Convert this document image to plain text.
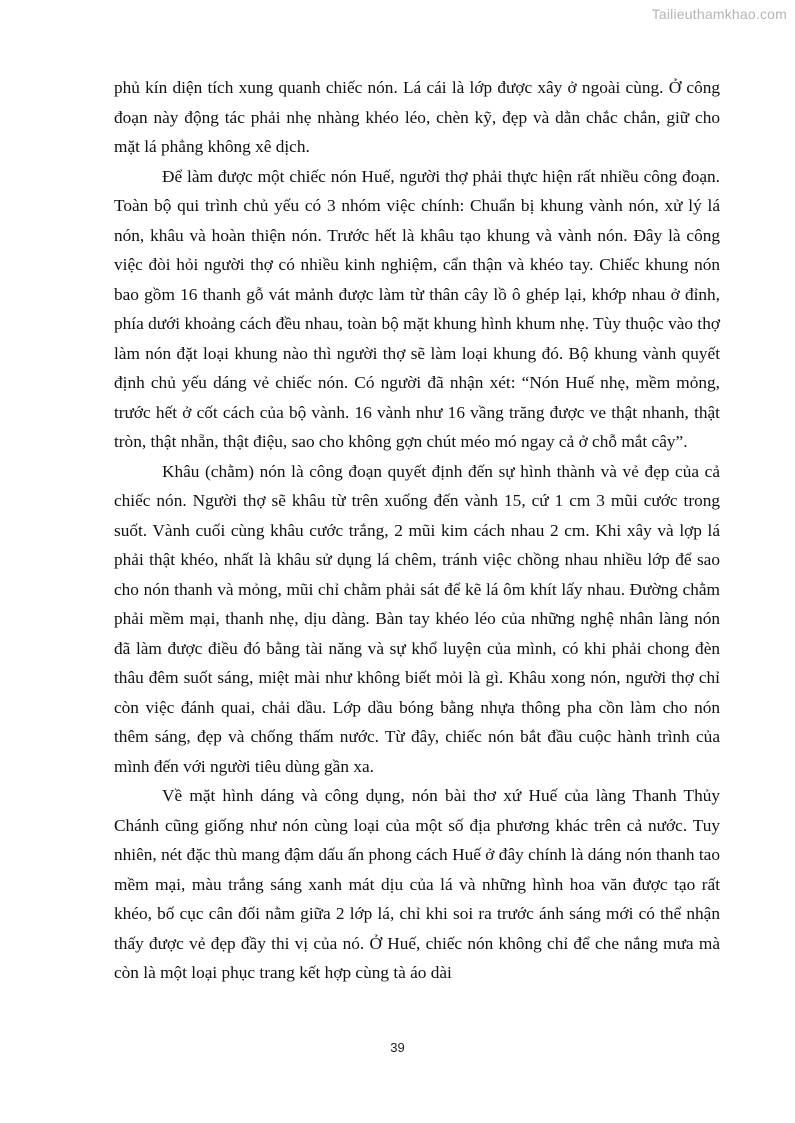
Tailieuthamkhao.com

phủ kín diện tích xung quanh chiếc nón. Lá cái là lớp được xây ở ngoài cùng. Ở công đoạn này động tác phải nhẹ nhàng khéo léo, chèn kỹ, đẹp và dằn chắc chắn, giữ cho mặt lá phẳng không xê dịch.

Để làm được một chiếc nón Huế, người thợ phải thực hiện rất nhiều công đoạn. Toàn bộ qui trình chủ yếu có 3 nhóm việc chính: Chuẩn bị khung vành nón, xử lý lá nón, khâu và hoàn thiện nón. Trước hết là khâu tạo khung và vành nón. Đây là công việc đòi hỏi người thợ có nhiều kinh nghiệm, cẩn thận và khéo tay. Chiếc khung nón bao gồm 16 thanh gỗ vát mảnh được làm từ thân cây lồ ô ghép lại, khớp nhau ở đỉnh, phía dưới khoảng cách đều nhau, toàn bộ mặt khung hình khum nhẹ. Tùy thuộc vào thợ làm nón đặt loại khung nào thì người thợ sẽ làm loại khung đó. Bộ khung vành quyết định chủ yếu dáng vẻ chiếc nón. Có người đã nhận xét: “Nón Huế nhẹ, mềm mỏng, trước hết ở cốt cách của bộ vành. 16 vành như 16 vầng trăng được ve thật nhanh, thật tròn, thật nhẵn, thật điệu, sao cho không gợn chút méo mó ngay cả ở chỗ mắt cây”.

Khâu (chằm) nón là công đoạn quyết định đến sự hình thành và vẻ đẹp của cả chiếc nón. Người thợ sẽ khâu từ trên xuống đến vành 15, cứ 1 cm 3 mũi cước trong suốt. Vành cuối cùng khâu cước trắng, 2 mũi kim cách nhau 2 cm. Khi xây và lợp lá phải thật khéo, nhất là khâu sử dụng lá chêm, tránh việc chồng nhau nhiều lớp để sao cho nón thanh và mỏng, mũi chỉ chằm phải sát để kẽ lá ôm khít lấy nhau. Đường chằm phải mềm mại, thanh nhẹ, dịu dàng. Bàn tay khéo léo của những nghệ nhân làng nón đã làm được điều đó bằng tài năng và sự khổ luyện của mình, có khi phải chong đèn thâu đêm suốt sáng, miệt mài như không biết mỏi là gì. Khâu xong nón, người thợ chỉ còn việc đánh quai, chải dầu. Lớp dầu bóng bằng nhựa thông pha cồn làm cho nón thêm sáng, đẹp và chống thấm nước. Từ đây, chiếc nón bắt đầu cuộc hành trình của mình đến với người tiêu dùng gần xa.

Về mặt hình dáng và công dụng, nón bài thơ xứ Huế của làng Thanh Thủy Chánh cũng giống như nón cùng loại của một số địa phương khác trên cả nước. Tuy nhiên, nét đặc thù mang đậm dấu ấn phong cách Huế ở đây chính là dáng nón thanh tao mềm mại, màu trắng sáng xanh mát dịu của lá và những hình hoa văn được tạo rất khéo, bố cục cân đối nằm giữa 2 lớp lá, chỉ khi soi ra trước ánh sáng mới có thể nhận thấy được vẻ đẹp đầy thi vị của nó. Ở Huế, chiếc nón không chỉ để che nắng mưa mà còn là một loại phục trang kết hợp cùng tà áo dài

39
